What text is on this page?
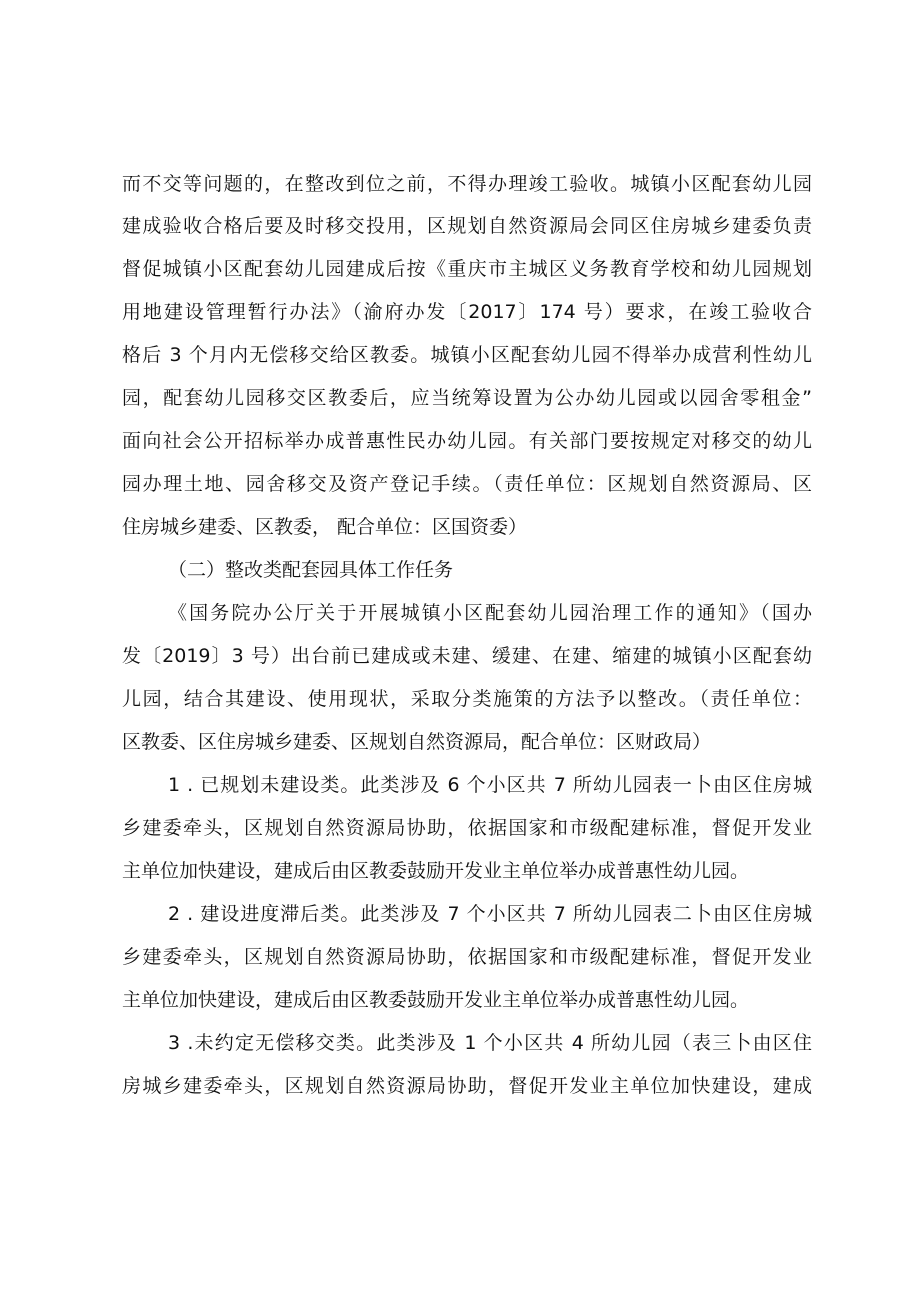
而不交等问题的，在整改到位之前，不得办理竣工验收。城镇小区配套幼儿园
建成验收合格后要及时移交投用，区规划自然资源局会同区住房城乡建委负责
督促城镇小区配套幼儿园建成后按《重庆市主城区义务教育学校和幼儿园规划
用地建设管理暂行办法》（渝府办发〔2017〕174 号）要求，在竣工验收合
格后 3 个月内无偿移交给区教委。城镇小区配套幼儿园不得举办成营利性幼儿
园，配套幼儿园移交区教委后，应当统筹设置为公办幼儿园或以园舍零租金”
面向社会公开招标举办成普惠性民办幼儿园。有关部门要按规定对移交的幼儿
园办理土地、园舍移交及资产登记手续。（责任单位：区规划自然资源局、区
住房城乡建委、区教委， 配合单位：区国资委）
（二）整改类配套园具体工作任务
《国务院办公厅关于开展城镇小区配套幼儿园治理工作的通知》（国办
发〔2019〕3 号）出台前已建成或未建、缓建、在建、缩建的城镇小区配套幼
儿园，结合其建设、使用现状，采取分类施策的方法予以整改。（责任单位：
区教委、区住房城乡建委、区规划自然资源局，配合单位：区财政局）
1 . 已规划未建设类。此类涉及 6 个小区共 7 所幼儿园表一卜由区住房城
乡建委牵头，区规划自然资源局协助，依据国家和市级配建标准，督促开发业
主单位加快建设，建成后由区教委鼓励开发业主单位举办成普惠性幼儿园。
2 . 建设进度滞后类。此类涉及 7 个小区共 7 所幼儿园表二卜由区住房城
乡建委牵头，区规划自然资源局协助，依据国家和市级配建标准，督促开发业
主单位加快建设，建成后由区教委鼓励开发业主单位举办成普惠性幼儿园。
3 .未约定无偿移交类。此类涉及 1 个小区共 4 所幼儿园（表三卜由区住
房城乡建委牵头，区规划自然资源局协助，督促开发业主单位加快建设，建成
